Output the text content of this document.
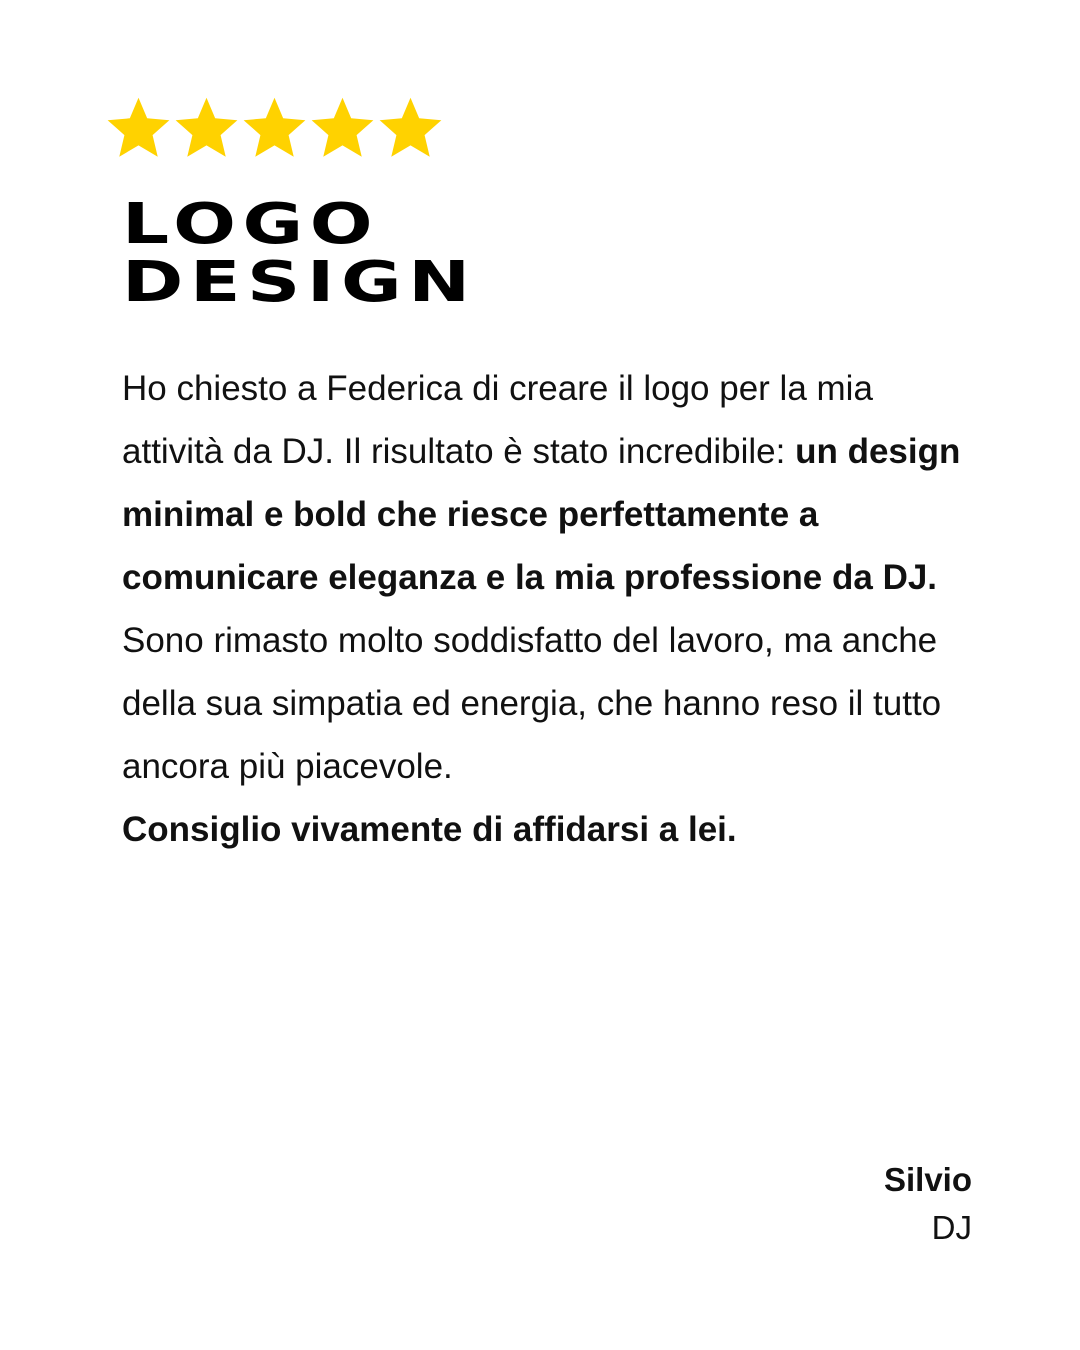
LOGO
DESIGN

Ho chiesto a Federica di creare il logo per la mia attività da DJ. Il risultato è stato incredibile: un design minimal e bold che riesce perfettamente a comunicare eleganza e la mia professione da DJ.

Sono rimasto molto soddisfatto del lavoro, ma anche della sua simpatia ed energia, che hanno reso il tutto ancora più piacevole.

Consiglio vivamente di affidarsi a lei.

Silvio
DJ
